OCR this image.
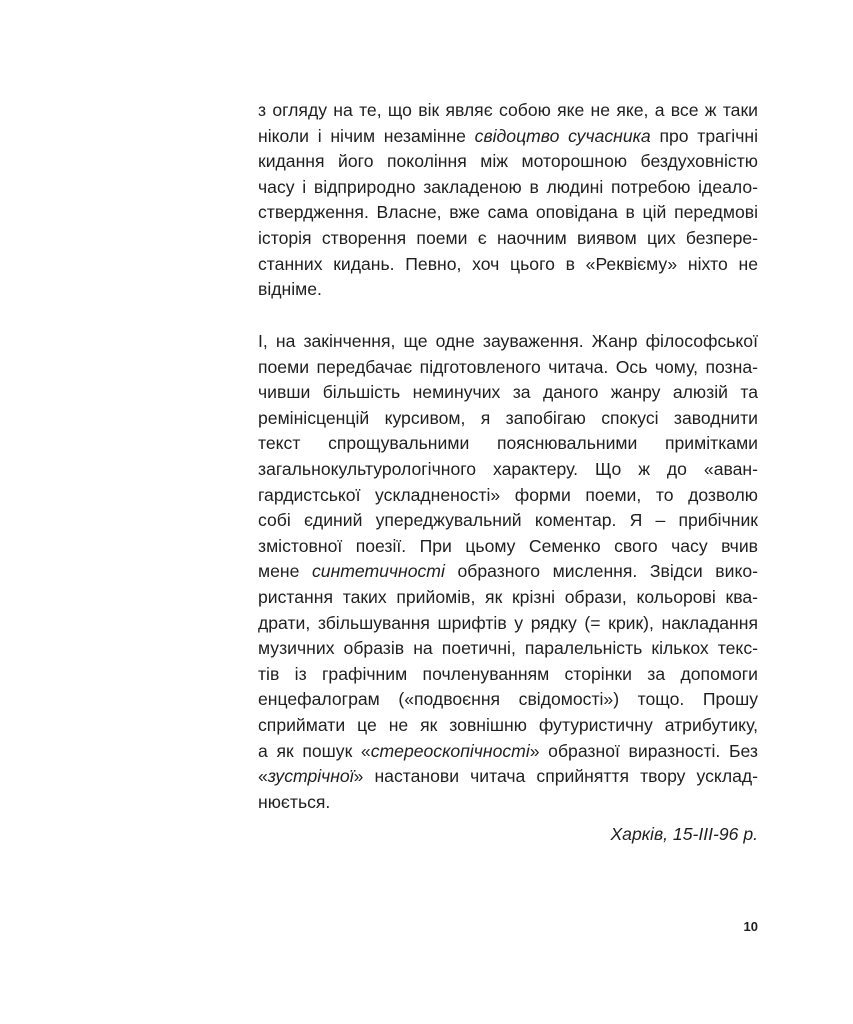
з огляду на те, що вік являє собою яке не яке, а все ж таки
ніколи і нічим незамінне свідоцтво сучасника про трагічні
кидання його покоління між моторошною бездуховністю
часу і відприродно закладеною в людині потребою ідеало-
ствердження. Власне, вже сама оповідана в цій передмові
історія створення поеми є наочним виявом цих безпере-
станних кидань. Певно, хоч цього в «Реквієму» ніхто не
відніме.
І, на закінчення, ще одне зауваження. Жанр філософської
поеми передбачає підготовленого читача. Ось чому, позна-
чивши більшість неминучих за даного жанру алюзій та
ремінісценцій курсивом, я запобігаю спокусі заводнити
текст спрощувальними пояснювальними примітками
загальнокультурологічного характеру. Що ж до «аван-
гардистської ускладненості» форми поеми, то дозволю
собі єдиний упереджувальний коментар. Я – прибічник
змістовної поезії. При цьому Семенко свого часу вчив
мене синтетичності образного мислення. Звідси вико-
ристання таких прийомів, як крізні образи, кольорові ква-
драти, збільшування шрифтів у рядку (= крик), накладання
музичних образів на поетичні, паралельність кількох текс-
тів із графічним почленуванням сторінки за допомоги
енцефалограм («подвоєння свідомості») тощо. Прошу
сприймати це не як зовнішню футуристичну атрибутику,
а як пошук «стереоскопічності» образної виразності. Без
«зустрічної» настанови читача сприйняття твору усклад-
нюється.
Харків, 15-ІІІ-96 р.
10
